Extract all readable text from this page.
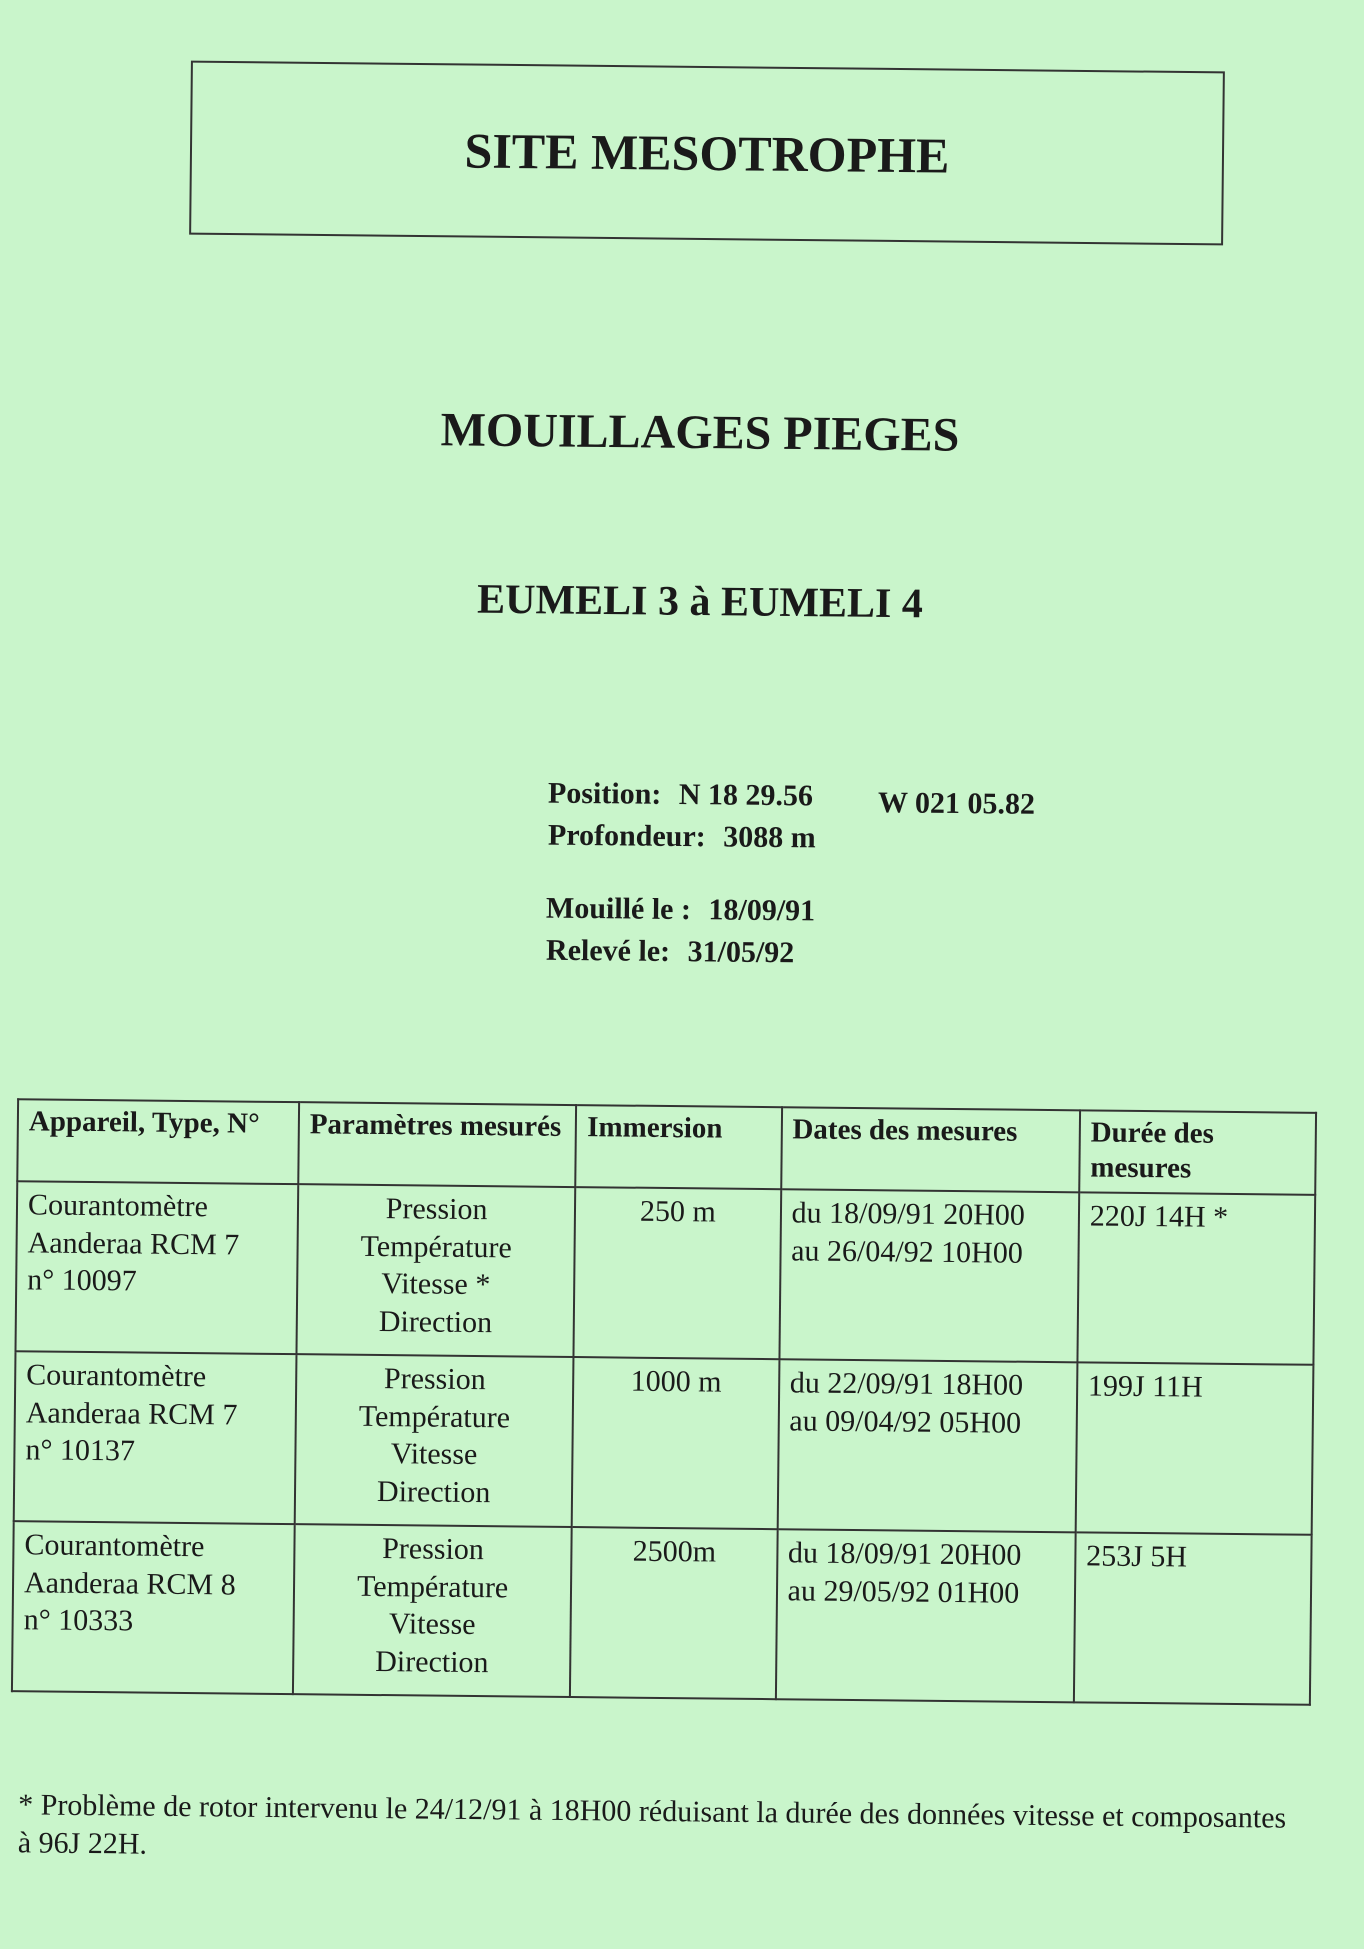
SITE MESOTROPHE
MOUILLAGES PIEGES
EUMELI 3 à EUMELI 4
Position: N 18 29.56 W 021 05.82
Profondeur: 3088 m
Mouillé le : 18/09/91
Relevé le: 31/05/92
Appareil, Type, N°	Paramètres mesurés	Immersion	Dates des mesures	Durée des mesures

Courantomètre
Aanderaa RCM 7
n° 10097	Pression
Température
Vitesse *
Direction	250 m	du 18/09/91 20H00
au 26/04/92 10H00	220J 14H *

Courantomètre
Aanderaa RCM 7
n° 10137	Pression
Température
Vitesse
Direction	1000 m	du 22/09/91 18H00
au 09/04/92 05H00	199J 11H

Courantomètre
Aanderaa RCM 8
n° 10333	Pression
Température
Vitesse
Direction	2500m	du 18/09/91 20H00
au 29/05/92 01H00	253J 5H
* Problème de rotor intervenu le 24/12/91 à 18H00 réduisant la durée des données vitesse et composantes à 96J 22H.
